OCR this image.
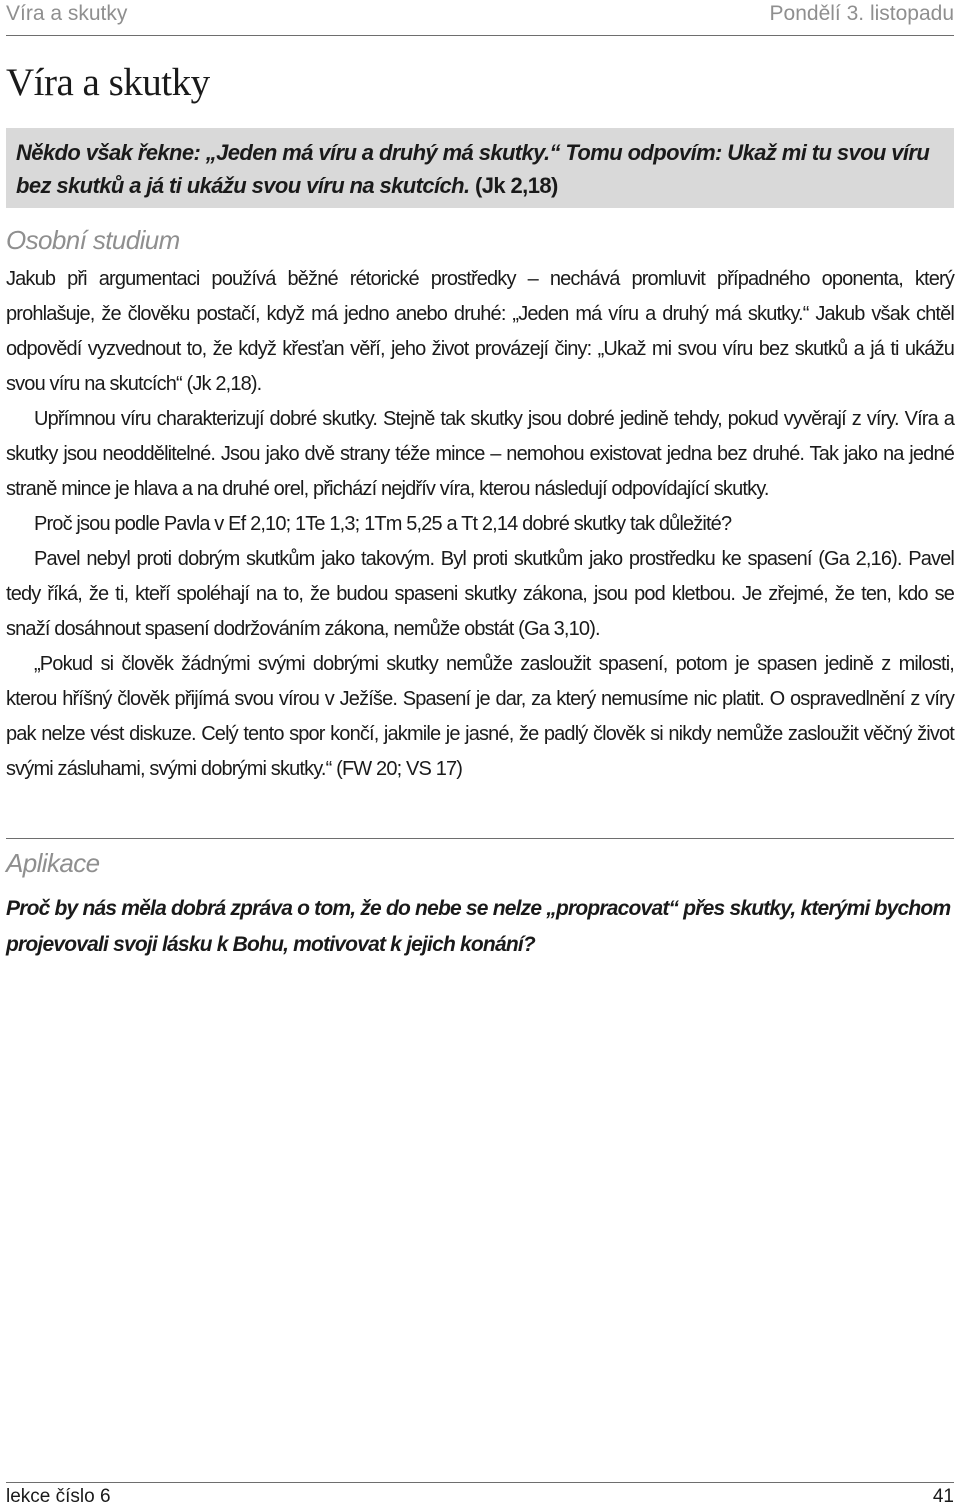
Víra a skutky	Pondělí 3. listopadu
Víra a skutky
Někdo však řekne: „Jeden má víru a druhý má skutky.“ Tomu odpovím: Ukaž mi tu svou víru bez skutků a já ti ukážu svou víru na skutcích. (Jk 2,18)
Osobní studium

Jakub při argumentaci používá běžné rétorické prostředky – nechává promluvit případného oponenta, který prohlašuje, že člověku postačí, když má jedno anebo druhé: „Jeden má víru a druhý má skutky.“ Jakub však chtěl odpovědí vyzvednout to, že když křesťan věří, jeho život provázejí činy: „Ukaž mi svou víru bez skutků a já ti ukážu svou víru na skutcích“ (Jk 2,18).

Upřímnou víru charakterizují dobré skutky. Stejně tak skutky jsou dobré jedině tehdy, pokud vyvěrají z víry. Víra a skutky jsou neoddělitelné. Jsou jako dvě strany téže mince – nemohou existovat jedna bez druhé. Tak jako na jedné straně mince je hlava a na druhé orel, přichází nejdřív víra, kterou následují odpovídající skutky.

Proč jsou podle Pavla v Ef 2,10; 1Te 1,3; 1Tm 5,25 a Tt 2,14 dobré skutky tak důležité?

Pavel nebyl proti dobrým skutkům jako takovým. Byl proti skutkům jako prostředku ke spasení (Ga 2,16). Pavel tedy říká, že ti, kteří spoléhají na to, že budou spaseni skutky zákona, jsou pod kletbou. Je zřejmé, že ten, kdo se snaží dosáhnout spasení dodržováním zákona, nemůže obstát (Ga 3,10).

„Pokud si člověk žádnými svými dobrými skutky nemůže zasloužit spasení, potom je spasen jedině z milosti, kterou hříšný člověk přijímá svou vírou v Ježíše. Spasení je dar, za který nemusíme nic platit. O ospravedlnění z víry pak nelze vést diskuze. Celý tento spor končí, jakmile je jasné, že padlý člověk si nikdy nemůže zasloužit věčný život svými zásluhami, svými dobrými skutky.“ (FW 20; VS 17)

Aplikace

Proč by nás měla dobrá zpráva o tom, že do nebe se nelze „propracovat“ přes skutky, kterými bychom projevovali svoji lásku k Bohu, motivovat k jejich konání?

lekce číslo 6	41
